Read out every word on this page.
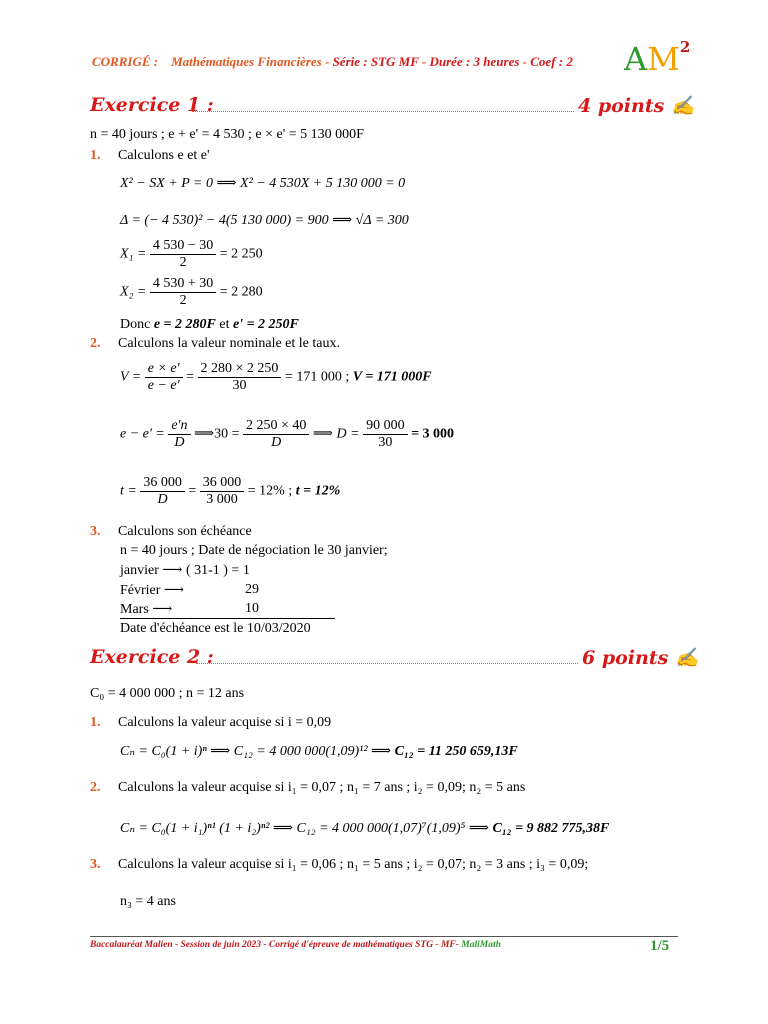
CORRIGÉ : Mathématiques Financières - Série : STG MF - Durée : 3 heures - Coef : 2 $AM^2$
Exercice 1 :	4 points ✍
n = 40 jours ; e + e' = 4 530 ; e × e' = 5 130 000F
1. Calculons e et e'
X² − SX + P = 0 ⟹ X² − 4 530X + 5 130 000 = 0
Δ = (− 4 530)² − 4(5 130 000) = 900 ⟹ √Δ = 300
$X_1 = \frac{4 530 - 30}{2} = 2$ 250
$X_2 = \frac{4 530 + 30}{2} = 2$ 280
Donc e = 2 280F et e' = 2 250F
2. Calculons la valeur nominale et le taux.
$V = \frac{e \times e'}{e - e'} = \frac{2 280 \times 2 250}{30} = 171$ 000 ; V = 171 000F
$e - e' = \frac{e'n}{D}$ ⟹30 = $\frac{2 250 \times 40}{D}$ ⟹ $D = \frac{90 000}{30} = 3$ 000
$t = \frac{36 000}{D} = \frac{36 000}{3 000} = 12\%$ ; t = 12%
3. Calculons son échéance
n = 40 jours ; Date de négociation le 30 janvier;
janvier ⟶ ( 31-1 ) = 1
Février ⟶	29
Mars ⟶	10
Date d'échéance est le 10/03/2020
Exercice 2 :	6 points ✍
C₀ = 4 000 000 ; n = 12 ans
1. Calculons la valeur acquise si i = 0,09
Cₙ = C₀(1 + i)ⁿ ⟹ C₁₂ = 4 000 000(1,09)¹² ⟹ C₁₂ = 11 250 659,13F
2. Calculons la valeur acquise si i₁ = 0,07 ; n₁ = 7 ans ; i₂ = 0,09; n₂ = 5 ans
Cₙ = C₀(1 + i₁)ⁿ¹ (1 + i₂)ⁿ² ⟹ C₁₂ = 4 000 000(1,07)⁷(1,09)⁵ ⟹ C₁₂ = 9 882 775,38F
3. Calculons la valeur acquise si i₁ = 0,06 ; n₁ = 5 ans ; i₂ = 0,07; n₂ = 3 ans ; i₃ = 0,09;
n₃ = 4 ans
Baccalauréat Malien - Session de juin 2023 - Corrigé d'épreuve de mathématiques STG - MF- MaliMath	1/5
